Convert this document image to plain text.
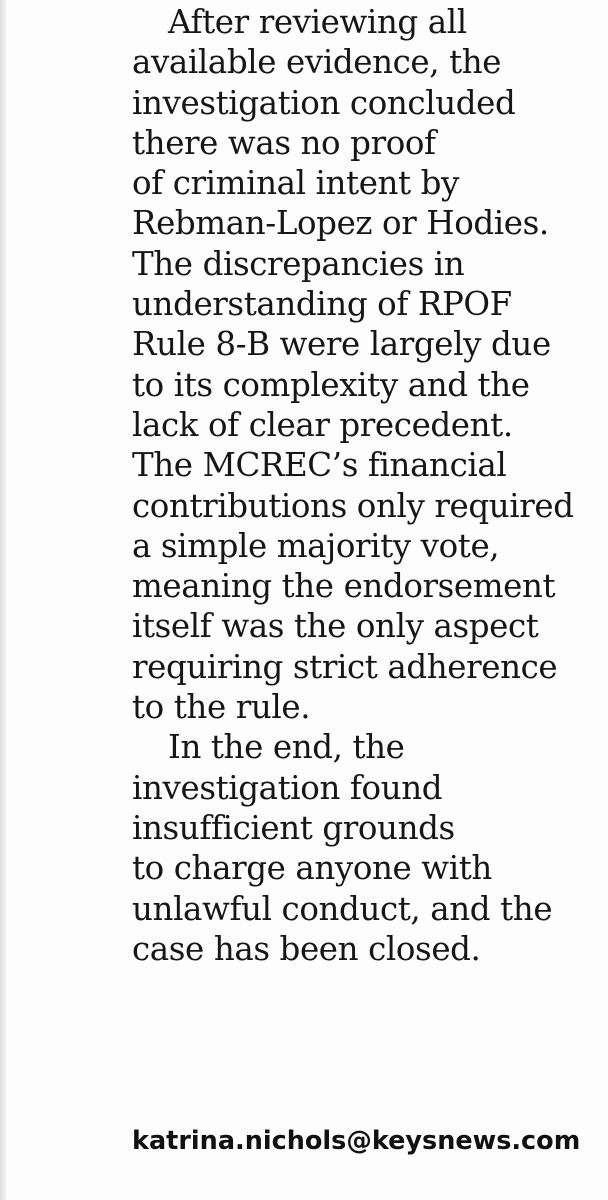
After reviewing all
available evidence, the
investigation concluded
there was no proof
of criminal intent by
Rebman-Lopez or Hodies.
The discrepancies in
understanding of RPOF
Rule 8-B were largely due
to its complexity and the
lack of clear precedent.
The MCREC’s financial
contributions only required
a simple majority vote,
meaning the endorsement
itself was the only aspect
requiring strict adherence
to the rule.
In the end, the
investigation found
insufficient grounds
to charge anyone with
unlawful conduct, and the
case has been closed.
katrina.nichols@keysnews.com
